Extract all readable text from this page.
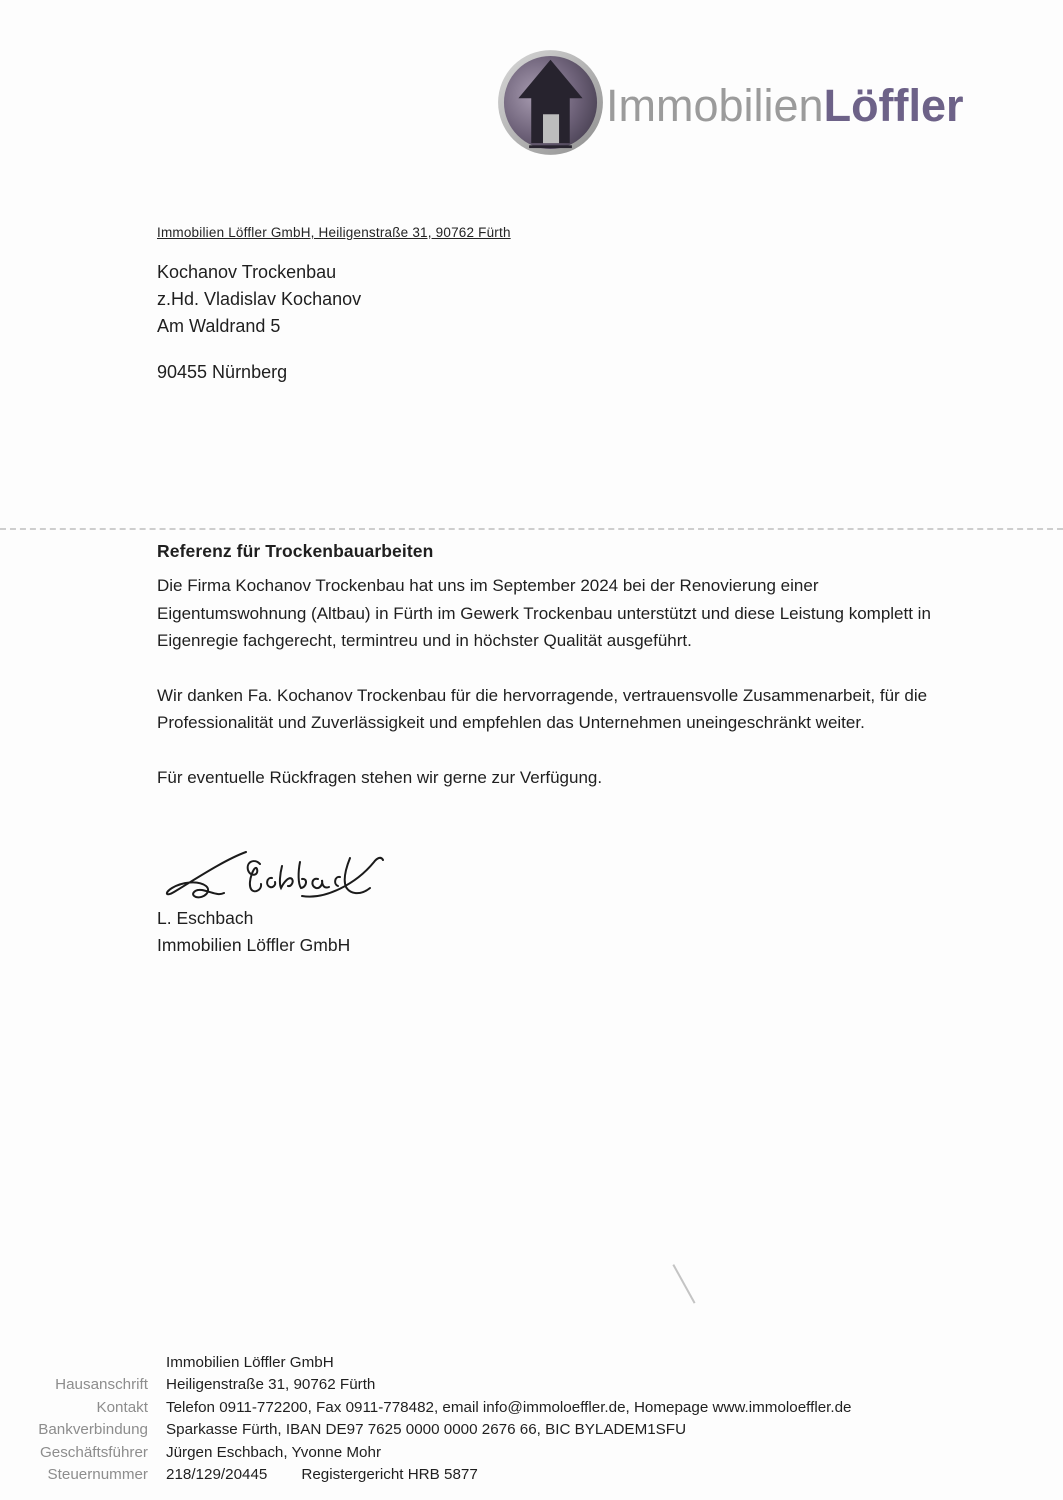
ImmobilienLöffler
Immobilien Löffler GmbH, Heiligenstraße 31, 90762 Fürth
Kochanov Trockenbau
z.Hd. Vladislav Kochanov
Am Waldrand 5
90455 Nürnberg
Referenz für Trockenbauarbeiten

Die Firma Kochanov Trockenbau hat uns im September 2024 bei der Renovierung einer Eigentumswohnung (Altbau) in Fürth im Gewerk Trockenbau unterstützt und diese Leistung komplett in Eigenregie fachgerecht, termintreu und in höchster Qualität ausgeführt.

Wir danken Fa. Kochanov Trockenbau für die hervorragende, vertrauensvolle Zusammenarbeit, für die Professionalität und Zuverlässigkeit und empfehlen das Unternehmen uneingeschränkt weiter.

Für eventuelle Rückfragen stehen wir gerne zur Verfügung.

L. Eschbach
Immobilien Löffler GmbH
Immobilien Löffler GmbH
Hausanschrift Heiligenstraße 31, 90762 Fürth
Kontakt Telefon 0911-772200, Fax 0911-778482, email info@immoloeffler.de, Homepage www.immoloeffler.de
Bankverbindung Sparkasse Fürth, IBAN DE97 7625 0000 0000 2676 66, BIC BYLADEM1SFU
Geschäftsführer Jürgen Eschbach, Yvonne Mohr
Steuernummer 218/129/20445 Registergericht HRB 5877
